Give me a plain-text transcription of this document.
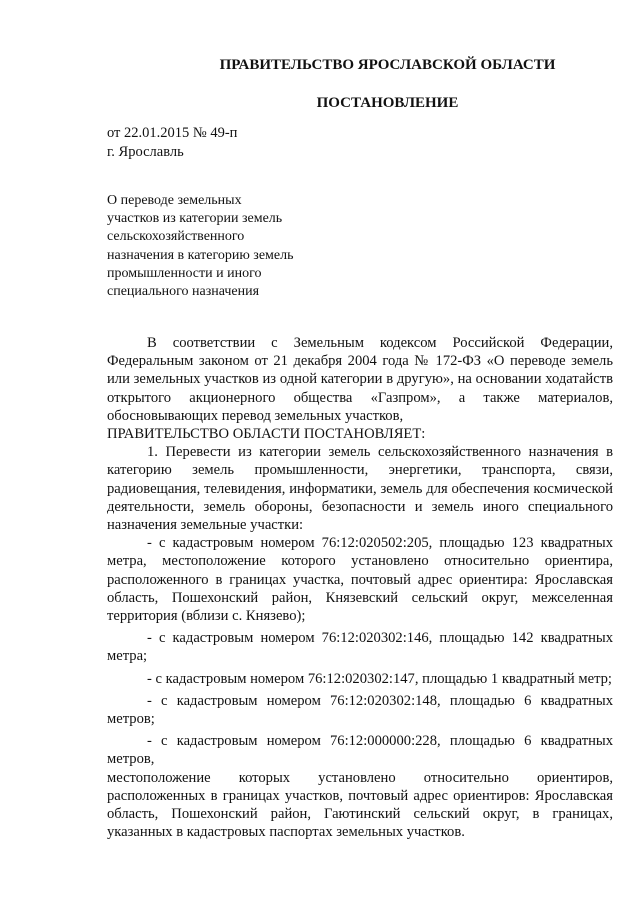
ПРАВИТЕЛЬСТВО ЯРОСЛАВСКОЙ ОБЛАСТИ
ПОСТАНОВЛЕНИЕ
от 22.01.2015 № 49-п
г. Ярославль
О переводе земельных
участков из категории земель
сельскохозяйственного
назначения в категорию земель
промышленности и иного
специального назначения

В соответствии с Земельным кодексом Российской Федерации, Федеральным законом от 21 декабря 2004 года № 172-ФЗ «О переводе земель или земельных участков из одной категории в другую», на основании ходатайств открытого акционерного общества «Газпром», а также материалов, обосновывающих перевод земельных участков,

ПРАВИТЕЛЬСТВО ОБЛАСТИ ПОСТАНОВЛЯЕТ:

1. Перевести из категории земель сельскохозяйственного назначения в категорию земель промышленности, энергетики, транспорта, связи, радиовещания, телевидения, информатики, земель для обеспечения космической деятельности, земель обороны, безопасности и земель иного специального назначения земельные участки:

- с кадастровым номером 76:12:020502:205, площадью 123 квадратных метра, местоположение которого установлено относительно ориентира, расположенного в границах участка, почтовый адрес ориентира: Ярославская область, Пошехонский район, Князевский сельский округ, межселенная территория (вблизи с. Князево);

- с кадастровым номером 76:12:020302:146, площадью 142 квадратных метра;

- с кадастровым номером 76:12:020302:147, площадью 1 квадратный метр;

- с кадастровым номером 76:12:020302:148, площадью 6 квадратных метров;

- с кадастровым номером 76:12:000000:228, площадью 6 квадратных метров,

местоположение которых установлено относительно ориентиров, расположенных в границах участков, почтовый адрес ориентиров: Ярославская область, Пошехонский район, Гаютинский сельский округ, в границах, указанных в кадастровых паспортах земельных участков.
